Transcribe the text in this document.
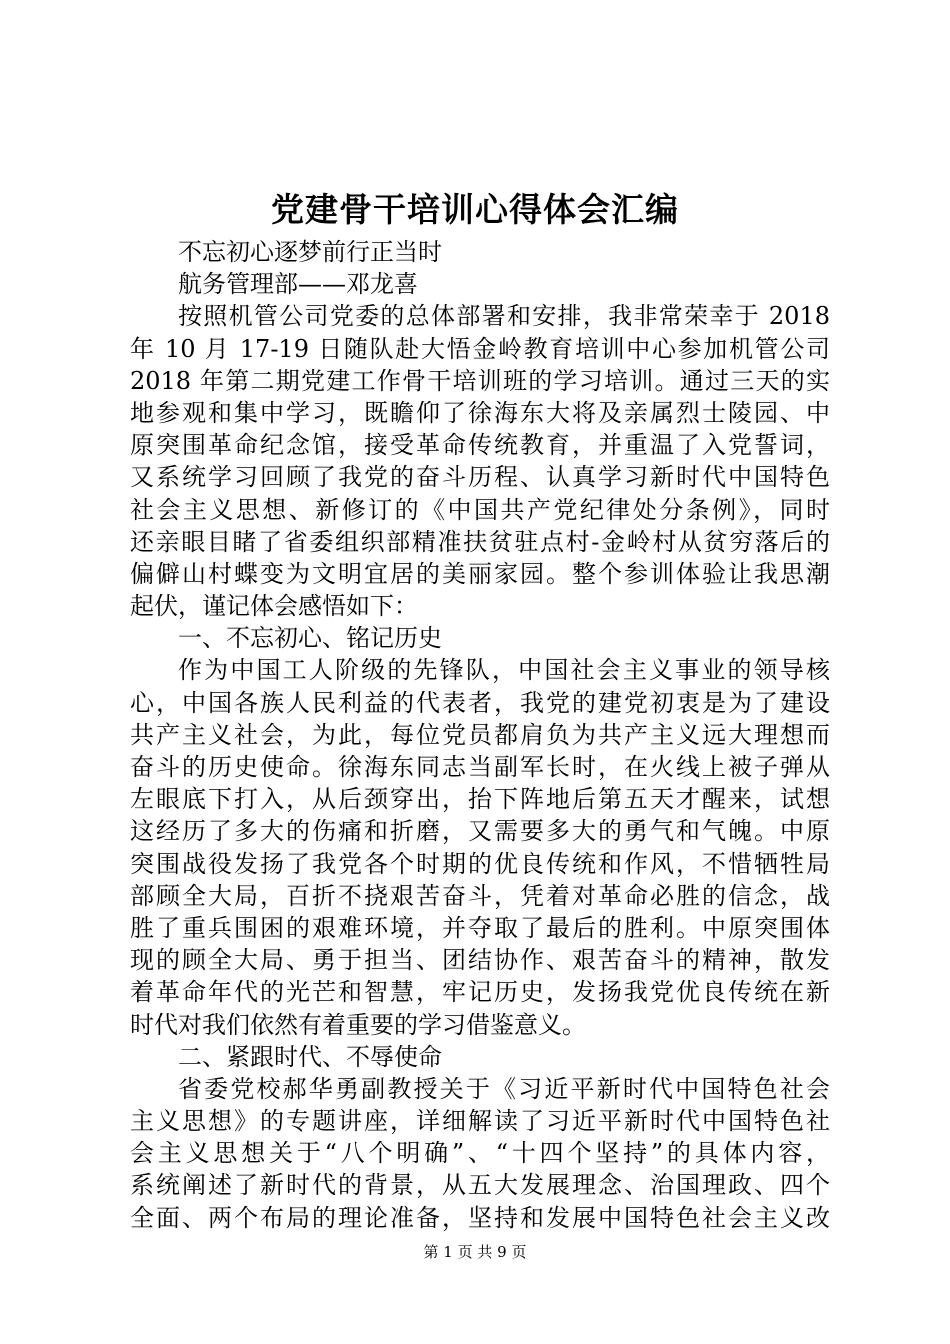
党建骨干培训心得体会汇编
不忘初心逐梦前行正当时
航务管理部——邓龙喜
按照机管公司党委的总体部署和安排，我非常荣幸于 2018
年 10 月 17-19 日随队赴大悟金岭教育培训中心参加机管公司
2018 年第二期党建工作骨干培训班的学习培训。通过三天的实
地参观和集中学习，既瞻仰了徐海东大将及亲属烈士陵园、中
原突围革命纪念馆，接受革命传统教育，并重温了入党誓词，
又系统学习回顾了我党的奋斗历程、认真学习新时代中国特色
社会主义思想、新修订的《中国共产党纪律处分条例》，同时
还亲眼目睹了省委组织部精准扶贫驻点村-金岭村从贫穷落后的
偏僻山村蝶变为文明宜居的美丽家园。整个参训体验让我思潮
起伏，谨记体会感悟如下：
一、不忘初心、铭记历史
作为中国工人阶级的先锋队，中国社会主义事业的领导核
心，中国各族人民利益的代表者，我党的建党初衷是为了建设
共产主义社会，为此，每位党员都肩负为共产主义远大理想而
奋斗的历史使命。徐海东同志当副军长时，在火线上被子弹从
左眼底下打入，从后颈穿出，抬下阵地后第五天才醒来，试想
这经历了多大的伤痛和折磨，又需要多大的勇气和气魄。中原
突围战役发扬了我党各个时期的优良传统和作风，不惜牺牲局
部顾全大局，百折不挠艰苦奋斗，凭着对革命必胜的信念，战
胜了重兵围困的艰难环境，并夺取了最后的胜利。中原突围体
现的顾全大局、勇于担当、团结协作、艰苦奋斗的精神，散发
着革命年代的光芒和智慧，牢记历史，发扬我党优良传统在新
时代对我们依然有着重要的学习借鉴意义。
二、紧跟时代、不辱使命
省委党校郝华勇副教授关于《习近平新时代中国特色社会
主义思想》的专题讲座，详细解读了习近平新时代中国特色社
会主义思想关于“八个明确”、“十四个坚持”的具体内容，
系统阐述了新时代的背景，从五大发展理念、治国理政、四个
全面、两个布局的理论准备，坚持和发展中国特色社会主义改
第 1 页 共 9 页
